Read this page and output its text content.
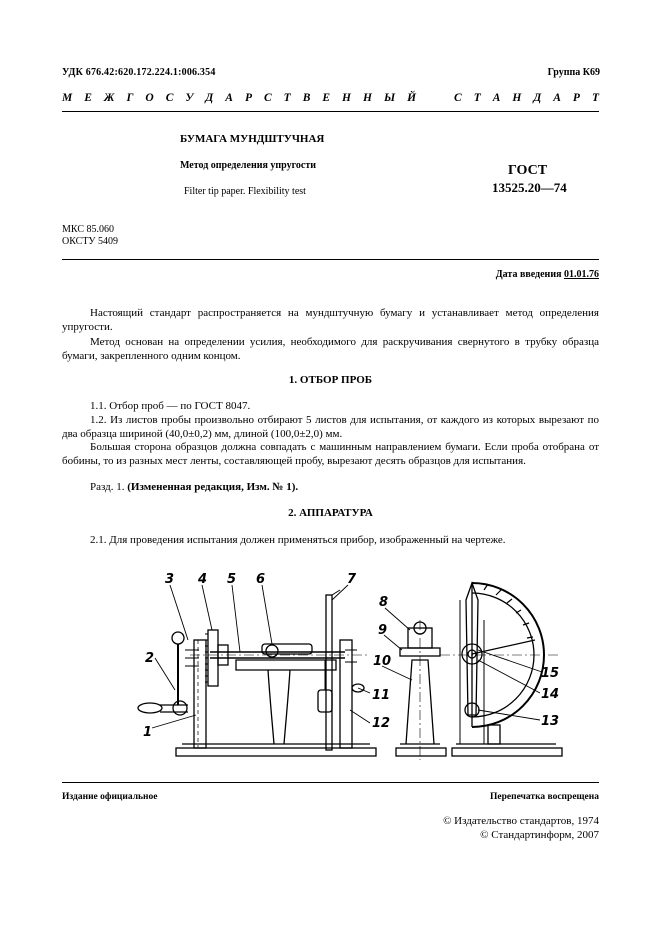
УДК 676.42:620.172.224.1:006.354	Группа К69
М Е Ж Г О С У Д А Р С Т В Е Н Н Ы Й	С Т А Н Д А Р Т
БУМАГА МУНДШТУЧНАЯ
Метод определения упругости
Filter tip paper. Flexibility test
ГОСТ
13525.20—74
МКС 85.060
ОКСТУ 5409
Дата введения 01.01.76
Настоящий стандарт распространяется на мундштучную бумагу и устанавливает метод определения упругости.
Метод основан на определении усилия, необходимого для раскручивания свернутого в трубку образца бумаги, закрепленного одним концом.
1. ОТБОР ПРОБ
1.1. Отбор проб — по ГОСТ 8047.
1.2. Из листов пробы произвольно отбирают 5 листов для испытания, от каждого из которых вырезают по два образца шириной (40,0±0,2) мм, длиной (100,0±2,0) мм.
Большая сторона образцов должна совпадать с машинным направлением бумаги. Если проба отобрана от бобины, то из разных мест ленты, составляющей пробу, вырезают десять образцов для испытания.
Разд. 1. (Измененная редакция, Изм. № 1).
2. АППАРАТУРА
2.1. Для проведения испытания должен применяться прибор, изображенный на чертеже.
3 4 5 6	7
8
9
10
11
12
2
1
13
14
15
Издание официальное	Перепечатка воспрещена
© Издательство стандартов, 1974
© Стандартинформ, 2007
